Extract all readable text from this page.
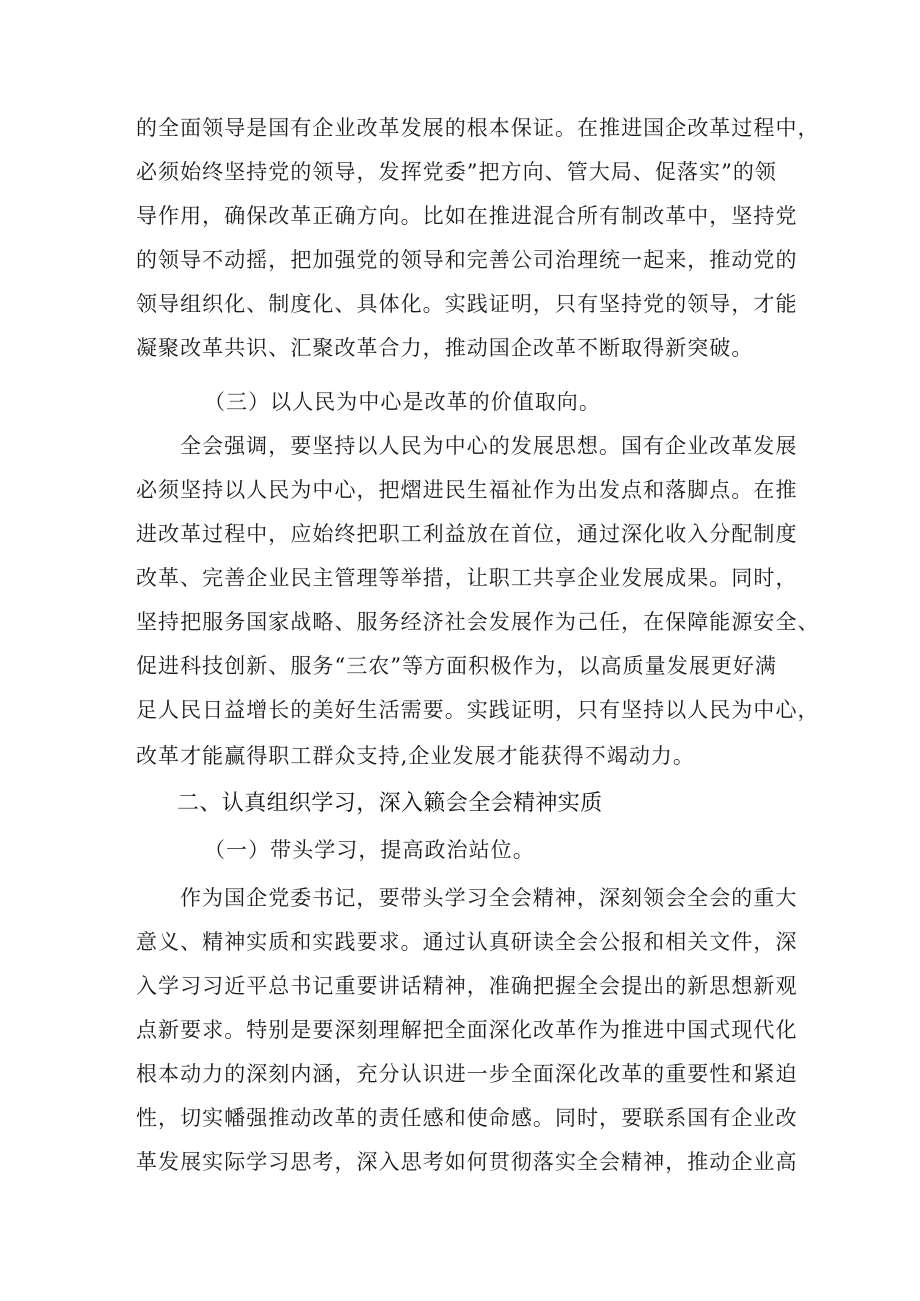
的全面领导是国有企业改革发展的根本保证。在推进国企改革过程中，
必须始终坚持党的领导，发挥党委”把方向、管大局、促落实”的领
导作用，确保改革正确方向。比如在推进混合所有制改革中，坚持党
的领导不动摇，把加强党的领导和完善公司治理统一起来，推动党的
领导组织化、制度化、具体化。实践证明，只有坚持党的领导，才能
凝聚改革共识、汇聚改革合力，推动国企改革不断取得新突破。
（三）以人民为中心是改革的价值取向。
全会强调，要坚持以人民为中心的发展思想。国有企业改革发展
必须坚持以人民为中心，把熠进民生福祉作为出发点和落脚点。在推
进改革过程中，应始终把职工利益放在首位，通过深化收入分配制度
改革、完善企业民主管理等举措，让职工共享企业发展成果。同时，
坚持把服务国家战略、服务经济社会发展作为己任，在保障能源安全、
促进科技创新、服务“三农”等方面积极作为，以高质量发展更好满
足人民日益增长的美好生活需要。实践证明，只有坚持以人民为中心，
改革才能赢得职工群众支持,企业发展才能获得不竭动力。
二、认真组织学习，深入籁会全会精神实质
（一）带头学习，提高政治站位。
作为国企党委书记，要带头学习全会精神，深刻领会全会的重大
意义、精神实质和实践要求。通过认真研读全会公报和相关文件，深
入学习习近平总书记重要讲话精神，准确把握全会提出的新思想新观
点新要求。特别是要深刻理解把全面深化改革作为推进中国式现代化
根本动力的深刻内涵，充分认识进一步全面深化改革的重要性和紧迫
性，切实幡强推动改革的责任感和使命感。同时，要联系国有企业改
革发展实际学习思考，深入思考如何贯彻落实全会精神，推动企业高
